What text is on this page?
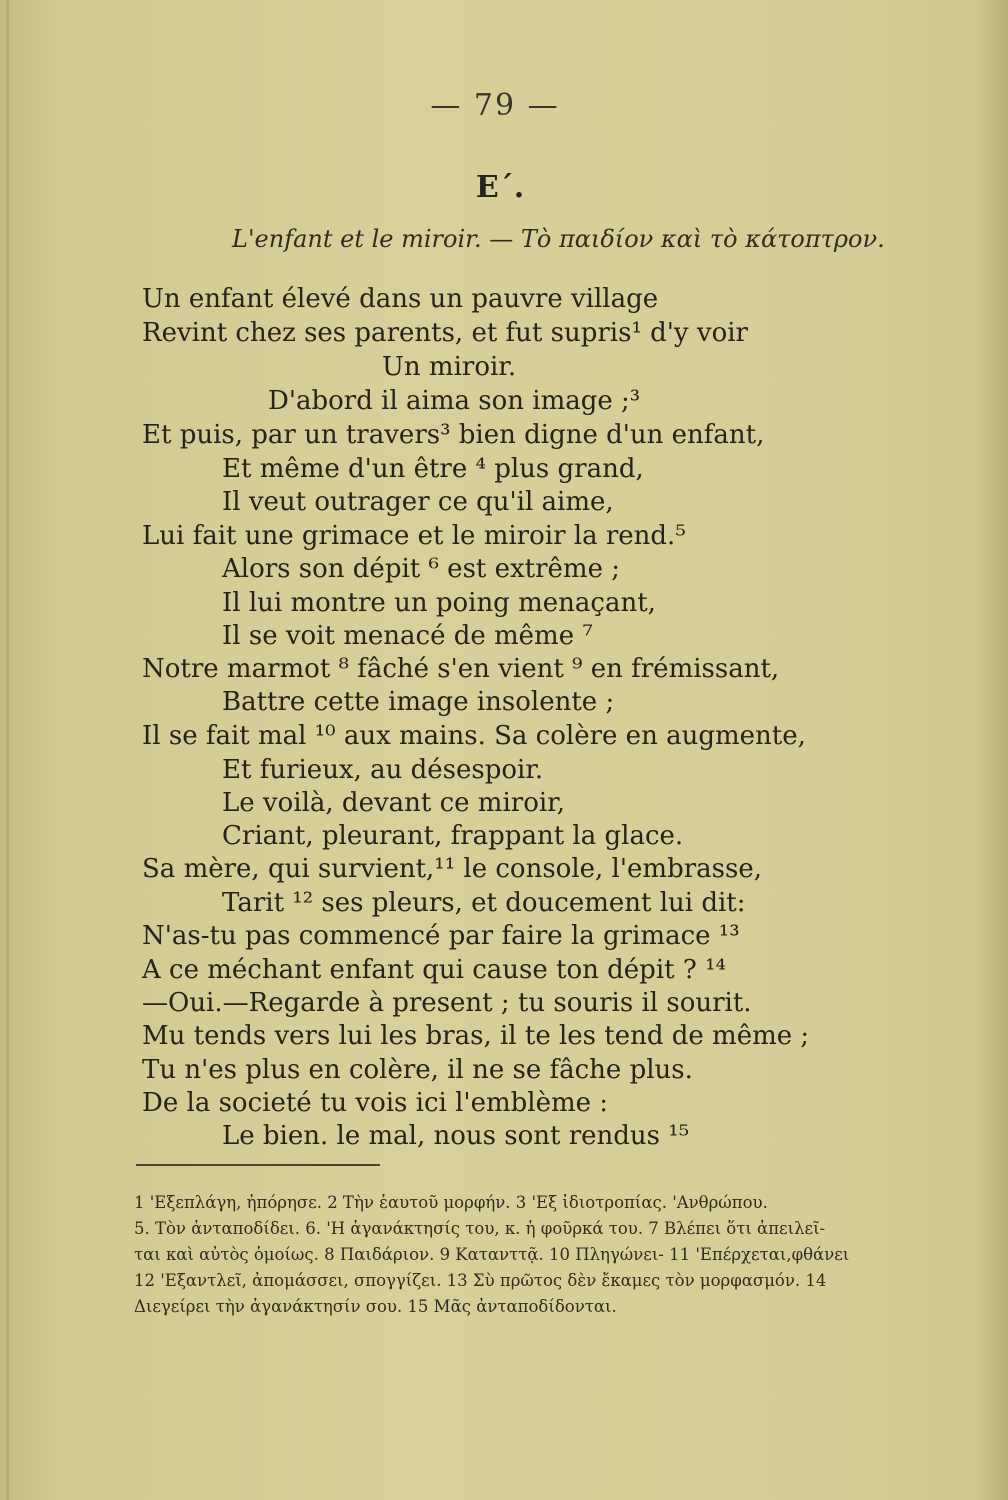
— 79 —
E΄.
L'enfant et le miroir. — Τὸ παιδίον καὶ τὸ κάτοπτρον.
Un enfant élevé dans un pauvre village
Revint chez ses parents, et fut supris¹ d'y voir
Un miroir.
D'abord il aima son image ;³
Et puis, par un travers³ bien digne d'un enfant,
Et même d'un être ⁴ plus grand,
Il veut outrager ce qu'il aime,
Lui fait une grimace et le miroir la rend.⁵
Alors son dépit ⁶ est extrême ;
Il lui montre un poing menaçant,
Il se voit menacé de même ⁷
Notre marmot ⁸ fâché s'en vient ⁹ en frémissant,
Battre cette image insolente ;
Il se fait mal ¹⁰ aux mains. Sa colère en augmente,
Et furieux, au désespoir.
Le voilà, devant ce miroir,
Criant, pleurant, frappant la glace.
Sa mère, qui survient,¹¹ le console, l'embrasse,
Tarit ¹² ses pleurs, et doucement lui dit:
N'as-tu pas commencé par faire la grimace ¹³
A ce méchant enfant qui cause ton dépit ? ¹⁴
—Oui.—Regarde à present ; tu souris il sourit.
Mu tends vers lui les bras, il te les tend de même ;
Tu n'es plus en colère, il ne se fâche plus.
De la societé tu vois ici l'emblème :
Le bien. le mal, nous sont rendus ¹⁵
1 'Εξεπλάγη, ἠπόρησε. 2 Τὴν ἑαυτοῦ μορφήν. 3 'Εξ ἰδιοτροπίας. 'Ανθρώπου.
5. Τὸν ἀνταποδίδει. 6. 'Η ἀγανάκτησίς του, κ. ἡ φοῦρκά του. 7 Βλέπει ὅτι ἀπειλεῖ-
ται καὶ αὐτὸς ὁμοίως. 8 Παιδάριον. 9 Κατανττᾷ. 10 Πληγώνει- 11 'Επέρχεται,φθάνει
12 'Εξαντλεῖ, ἀπομάσσει, σπογγίζει. 13 Σὺ πρῶτος δὲν ἔκαμες τὸν μορφασμόν. 14
Διεγείρει τὴν ἀγανάκτησίν σου. 15 Μᾶς ἀνταποδίδονται.
